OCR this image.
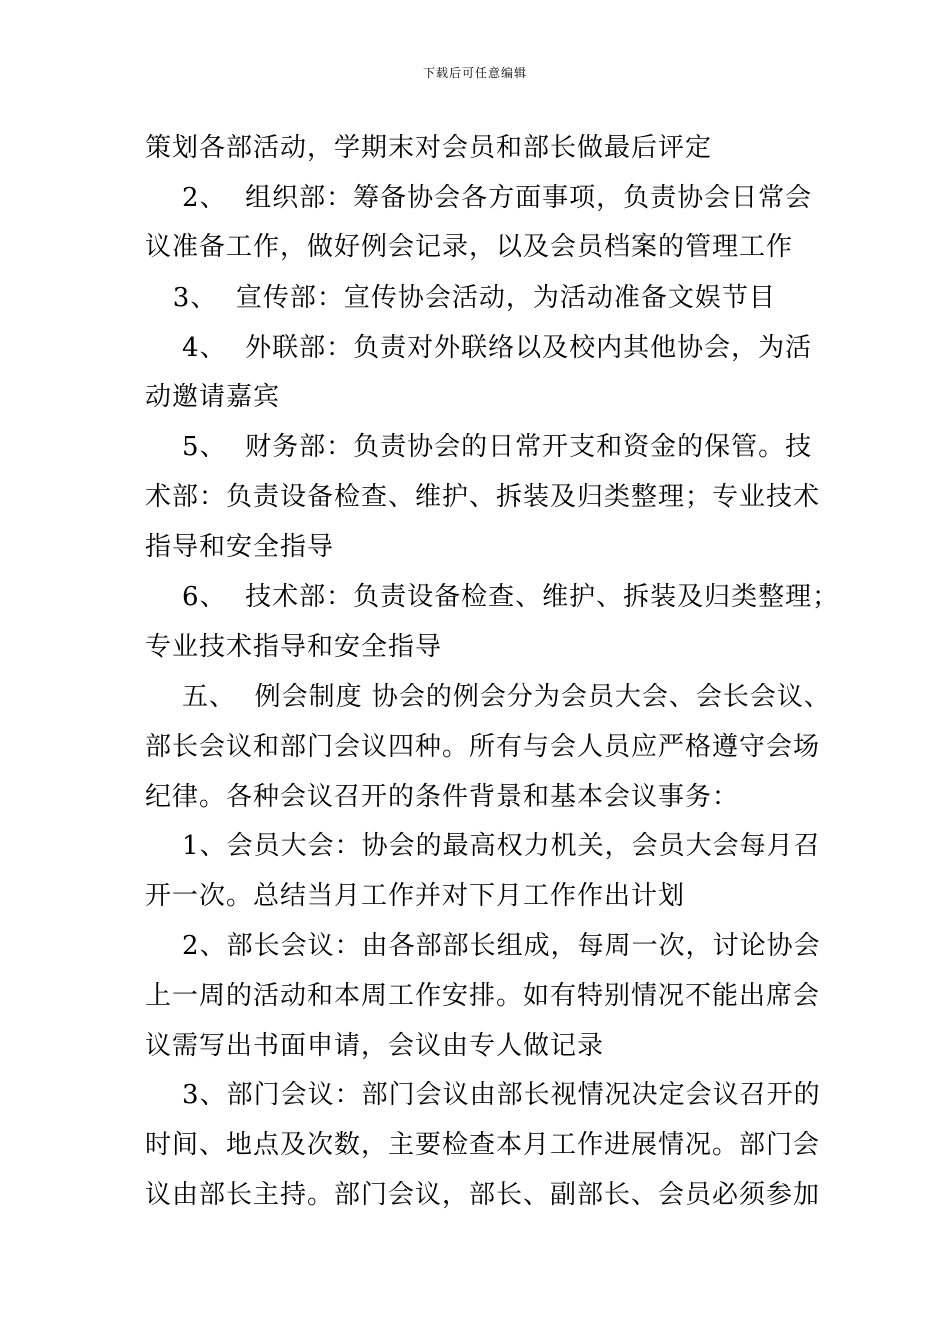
下载后可任意编辑
策划各部活动，学期末对会员和部长做最后评定
2、  组织部：筹备协会各方面事项，负责协会日常会
议准备工作，做好例会记录，以及会员档案的管理工作
3、  宣传部：宣传协会活动，为活动准备文娱节目
4、  外联部：负责对外联络以及校内其他协会，为活
动邀请嘉宾
5、  财务部：负责协会的日常开支和资金的保管。技
术部：负责设备检查、维护、拆装及归类整理；专业技术
指导和安全指导
6、  技术部：负责设备检查、维护、拆装及归类整理；
专业技术指导和安全指导
五、  例会制度 协会的例会分为会员大会、会长会议、
部长会议和部门会议四种。所有与会人员应严格遵守会场
纪律。各种会议召开的条件背景和基本会议事务：
1、会员大会：协会的最高权力机关，会员大会每月召
开一次。总结当月工作并对下月工作作出计划
2、部长会议：由各部部长组成，每周一次，讨论协会
上一周的活动和本周工作安排。如有特别情况不能出席会
议需写出书面申请，会议由专人做记录
3、部门会议：部门会议由部长视情况决定会议召开的
时间、地点及次数，主要检查本月工作进展情况。部门会
议由部长主持。部门会议，部长、副部长、会员必须参加
